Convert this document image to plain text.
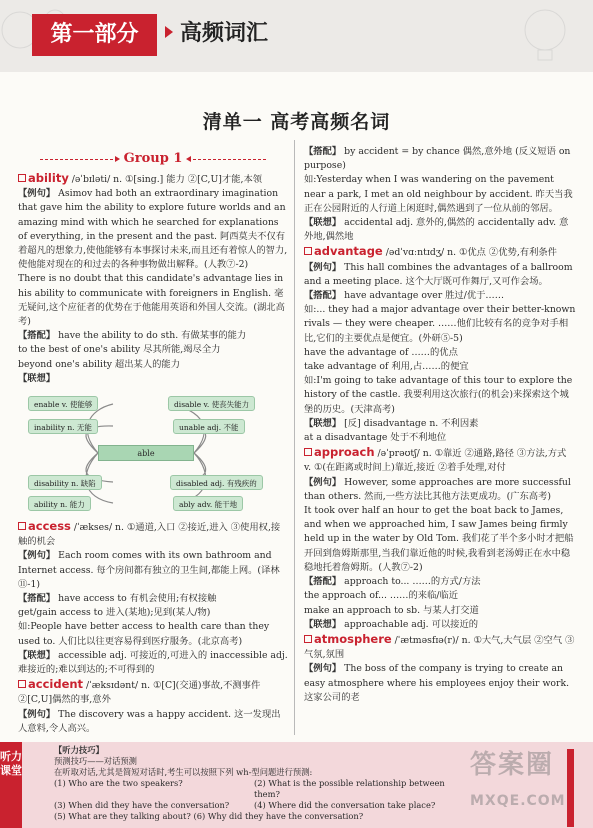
第一部分	高频词汇
清单一 高考高频名词
Group 1

ability /əˈbɪləti/ n. ①[sing.] 能力 ②[C,U]才能,本领

【例句】 Asimov had both an extraordinary imagination that gave him the ability to explore future worlds and an amazing mind with which he searched for explanations of everything, in the present and the past. 阿西莫夫不仅有着超凡的想象力,使他能够有本事探讨未来,而且还有着惊人的智力,使他能对现在的和过去的各种事物做出解释。(人教⑦-2)

There is no doubt that this candidate's advantage lies in his ability to communicate with foreigners in English. 毫无疑问,这个应征者的优势在于他能用英语和外国人交流。(湖北高考)

【搭配】 have the ability to do sth. 有做某事的能力

to the best of one's ability 尽其所能,竭尽全力

beyond one's ability 超出某人的能力

【联想】

enable v. 使能够
inability n. 无能
disability n. 缺陷
ability n. 能力
able
disable v. 使丧失能力
unable adj. 不能
disabled adj. 有残疾的
ably adv. 能干地

access /ˈækses/ n. ①通道,入口 ②接近,进入 ③使用权,接触的机会

【例句】 Each room comes with its own bathroom and Internet access. 每个房间都有独立的卫生间,都能上网。(译林⑪-1)

【搭配】 have access to 有机会使用;有权接触

get/gain access to 进入(某地);见到(某人/物)

如:People have better access to health care than they used to. 人们比以往更容易得到医疗服务。(北京高考)

【联想】 accessible adj. 可接近的,可进入的 inaccessible adj. 难接近的;难以到达的;不可得到的

accident /ˈæksɪdənt/ n. ①[C](交通)事故,不测事件 ②[C,U]偶然的事,意外

【例句】 The discovery was a happy accident. 这一发现出人意料,令人高兴。

【搭配】 by accident = by chance 偶然,意外地 (反义短语 on purpose)

如:Yesterday when I was wandering on the pavement near a park, I met an old neighbour by accident. 昨天当我正在公园附近的人行道上闲逛时,偶然遇到了一位从前的邻居。

【联想】 accidental adj. 意外的,偶然的 accidentally adv. 意外地,偶然地

advantage /ədˈvɑːntɪdʒ/ n. ①优点 ②优势,有利条件

【例句】 This hall combines the advantages of a ballroom and a meeting place. 这个大厅既可作舞厅,又可作会场。

【搭配】 have advantage over 胜过/优于……

如:... they had a major advantage over their better-known rivals — they were cheaper. ……他们比较有名的竞争对手相比,它们的主要优点是便宜。(外研⑤-5)

have the advantage of ……的优点

take advantage of 利用,占……的便宜

如:I'm going to take advantage of this tour to explore the history of the castle. 我要利用这次旅行(的机会)来探索这个城堡的历史。(天津高考)

【联想】 [反] disadvantage n. 不利因素

at a disadvantage 处于不利地位

approach /əˈprəʊtʃ/ n. ①靠近 ②通路,路径 ③方法,方式 v. ①(在距离或时间上)靠近,接近 ②着手处理,对付

【例句】 However, some approaches are more successful than others. 然而,一些方法比其他方法更成功。(广东高考)

It took over half an hour to get the boat back to James, and when we approached him, I saw James being firmly held up in the water by Old Tom. 我们花了半个多小时才把船开回到詹姆斯那里,当我们靠近他的时候,我看到老汤姆正在水中稳稳地托着詹姆斯。(人教⑦-2)

【搭配】 approach to... ……的方式/方法

the approach of... ……的来临/临近

make an approach to sb. 与某人打交道

【联想】 approachable adj. 可以接近的

atmosphere /ˈætməsfɪə(r)/ n. ①大气,大气层 ②空气 ③气氛,氛围

【例句】 The boss of the company is trying to create an easy atmosphere where his employees enjoy their work. 这家公司的老

听力课堂

【听力技巧】

预测技巧——对话预测

在听取对话,尤其是简短对话时,考生可以按照下列 wh-型问题进行预测:

(1) Who are the two speakers?	(2) What is the possible relationship between them?
(3) When did they have the conversation?	(4) Where did the conversation take place?

(5) What are they talking about? (6) Why did they have the conversation?

答案圈
MXQE.COM
